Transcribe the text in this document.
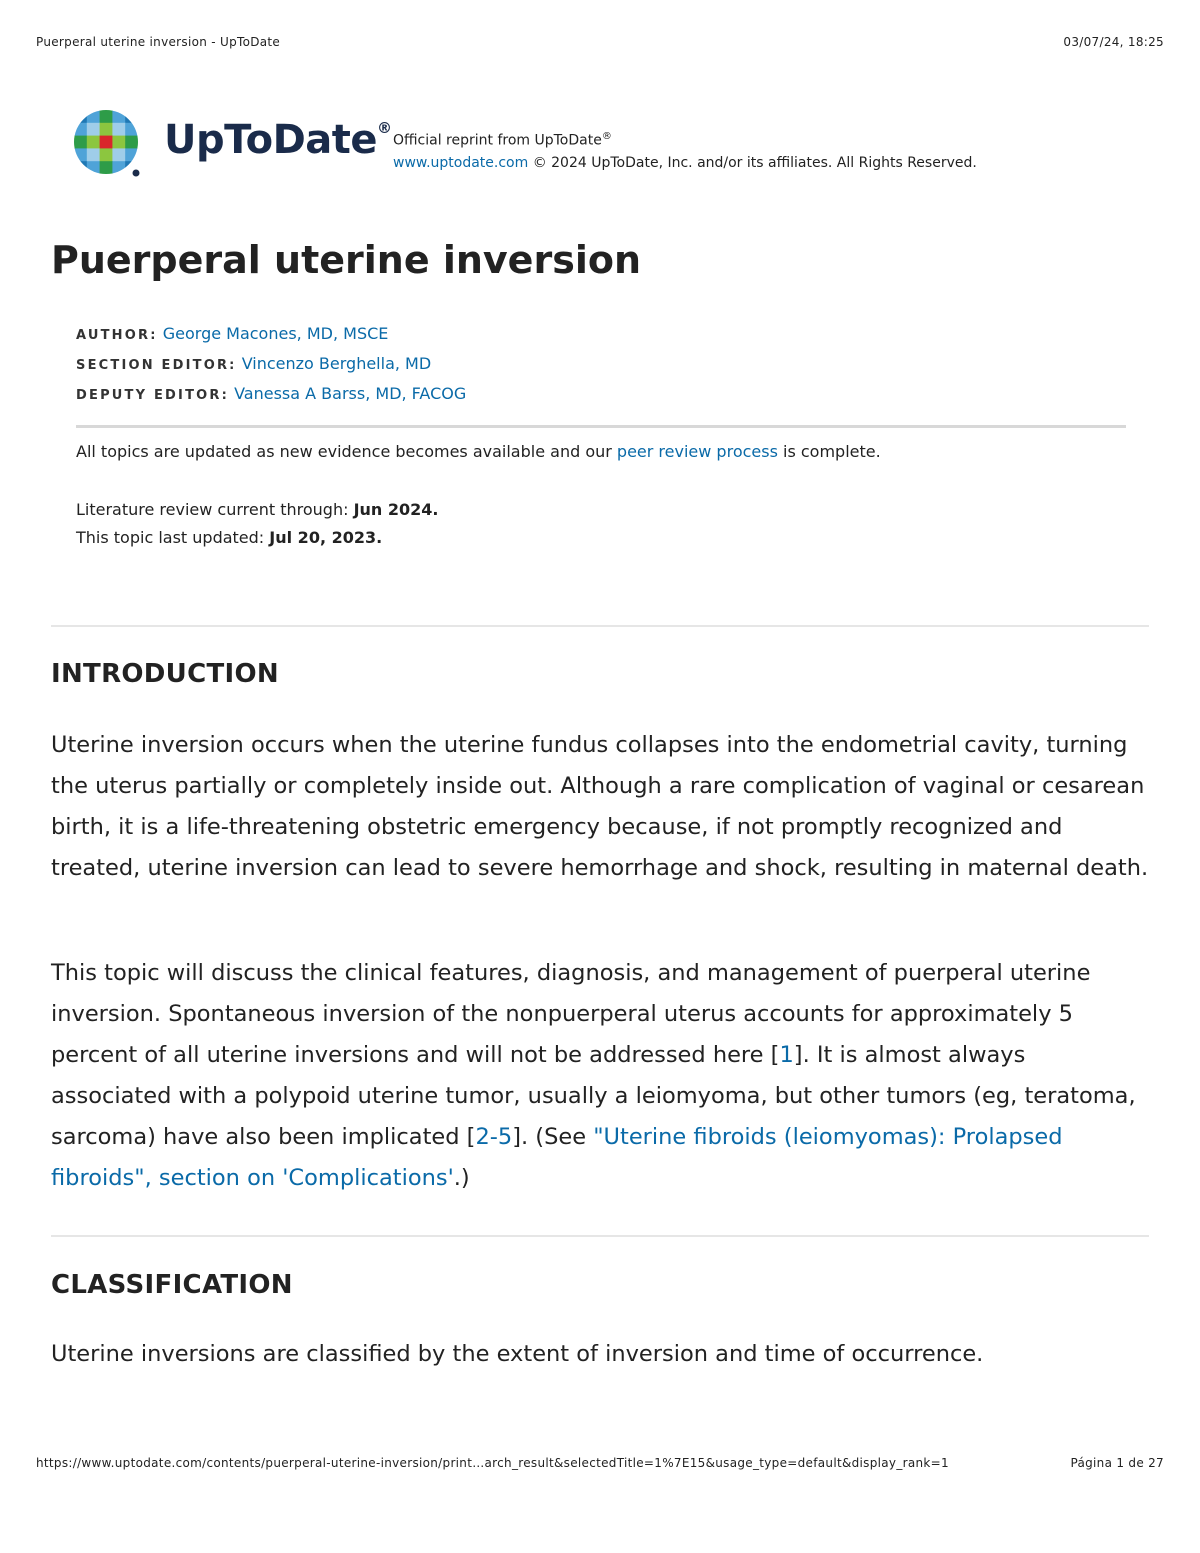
Puerperal uterine inversion - UpToDate	03/07/24, 18:25
UpToDate®
Official reprint from UpToDate®
www.uptodate.com © 2024 UpToDate, Inc. and/or its affiliates. All Rights Reserved.
Puerperal uterine inversion
AUTHOR: George Macones, MD, MSCE
SECTION EDITOR: Vincenzo Berghella, MD
DEPUTY EDITOR: Vanessa A Barss, MD, FACOG
All topics are updated as new evidence becomes available and our peer review process is complete.
Literature review current through: Jun 2024.
This topic last updated: Jul 20, 2023.
INTRODUCTION

Uterine inversion occurs when the uterine fundus collapses into the endometrial cavity, turning the uterus partially or completely inside out. Although a rare complication of vaginal or cesarean birth, it is a life-threatening obstetric emergency because, if not promptly recognized and treated, uterine inversion can lead to severe hemorrhage and shock, resulting in maternal death.

This topic will discuss the clinical features, diagnosis, and management of puerperal uterine inversion. Spontaneous inversion of the nonpuerperal uterus accounts for approximately 5 percent of all uterine inversions and will not be addressed here [1]. It is almost always associated with a polypoid uterine tumor, usually a leiomyoma, but other tumors (eg, teratoma, sarcoma) have also been implicated [2-5]. (See "Uterine fibroids (leiomyomas): Prolapsed fibroids", section on 'Complications'.)

CLASSIFICATION

Uterine inversions are classified by the extent of inversion and time of occurrence.

https://www.uptodate.com/contents/puerperal-uterine-inversion/print…arch_result&selectedTitle=1%7E15&usage_type=default&display_rank=1	Página 1 de 27
